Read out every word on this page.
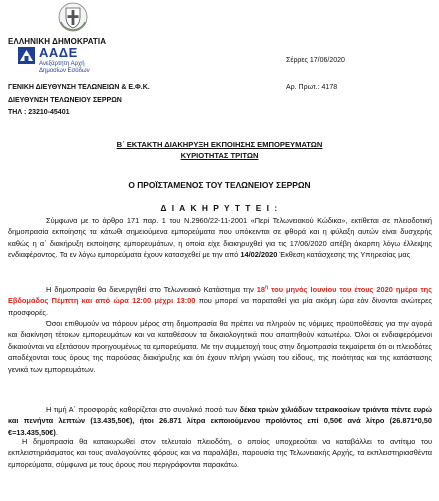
ΕΛΛΗΝΙΚΗ ΔΗΜΟΚΡΑΤΙΑ
ΑΑΔΕ
Ανεξάρτητη Αρχή
Δημοσίων Εσόδων
Σέρρες 17/06/2020
Αρ. Πρωτ.: 4178
ΓΕΝΙΚΗ ΔΙΕΥΘΥΝΣΗ ΤΕΛΩΝΕΙΩΝ & Ε.Φ.Κ.
ΔΙΕΥΘΥΝΣΗ ΤΕΛΩΝΕΙΟΥ ΣΕΡΡΩΝ
ΤΗΛ : 23210-45401
Β΄ ΕΚΤΑΚΤΗ ΔΙΑΚΗΡΥΞΗ ΕΚΠΟΙΗΣΗΣ ΕΜΠΟΡΕΥΜΑΤΩΝ
ΚΥΡΙΟΤΗΤΑΣ ΤΡΙΤΩΝ
Ο ΠΡΟΪΣΤΑΜΕΝΟΣ ΤΟΥ ΤΕΛΩΝΕΙΟΥ ΣΕΡΡΩΝ
Δ Ι Α Κ Η Ρ Υ Τ Τ Ε Ι :

Σύμφωνα με το άρθρο 171 παρ. 1 του Ν.2960/22-11-2001 «Περί Τελωνειακού Κώδικα», εκτίθεται σε πλειοδοτική δημοπρασία εκποίησης τα κάτωθι σημειούμενα εμπορεύματα που υπόκεινται σε φθορά και η φύλαξη αυτών είναι δυσχερής καθώς η α΄ διακήρυξη εκποίησης εμπορευμάτων, η οποία είχε διακηρυχθεί για τις 17/06/2020 απέβη άκαρπη λόγω έλλειψης ενδιαφέροντος. Τα εν λόγω εμπορεύματα έχουν κατασχεθεί με την από 14/02/2020 Έκθεση κατάσχεσης της Υπηρεσίας μας

Η δημοπρασία θα διενεργηθεί στο Τελωνειακό Κατάστημα την $18^\eta$ του μηνός Ιουνίου του έτους 2020 ημέρα της Εβδομάδος Πέμπτη και από ώρα 12:00 μέχρι 13:00 που μπορεί να παραταθεί για μία ακόμη ώρα εάν δίνονται ανώτερες προσφορές.

Όσοι επιθυμούν να πάρουν μέρος στη δημοπρασία θα πρέπει να πληρούν τις νόμιμες προϋποθέσεις για την αγορά και διακίνηση τέτοιων εμπορευμάτων και να καταθέσουν τα δικαιολογητικά που απαιτηθούν κατωτέρω. Όλοι οι ενδιαφερόμενοι δικαιούνται να εξετάσουν προηγουμένως τα εμπορεύματα. Με την συμμετοχή τους στην δημοπρασία τεκμαίρεται ότι οι πλειοδότες αποδέχονται τους όρους της παρούσας διακήρυξης και ότι έχουν πλήρη γνώση του είδους, της ποιότητας και της κατάστασης γενικά των εμπορευμάτων.

Η τιμή Α΄ προσφοράς καθορίζεται στο συνολικό ποσό των δέκα τριών χιλιάδων τετρακοσίων τριάντα πέντε ευρώ και πενήντα λεπτών (13.435,50€), ήτοι 26.871 λίτρα εκποιούμενου προϊόντος επί 0,50€ ανά λίτρο (26.871*0,50 €=13.435,50€).

Η δημοπρασία θα κατακυρωθεί στον τελευταίο πλειοδότη, ο οποίος υποχρεούται να καταβάλλει το αντίτιμο του εκπλειστηριάσματος και τους αναλογούντες φόρους και να παραλάβει, παρουσία της Τελωνειακής Αρχής, τα εκπλειστηριασθέντα εμπορεύματα, σύμφωνα με τους όρους που περιγράφονται παρακάτω.
